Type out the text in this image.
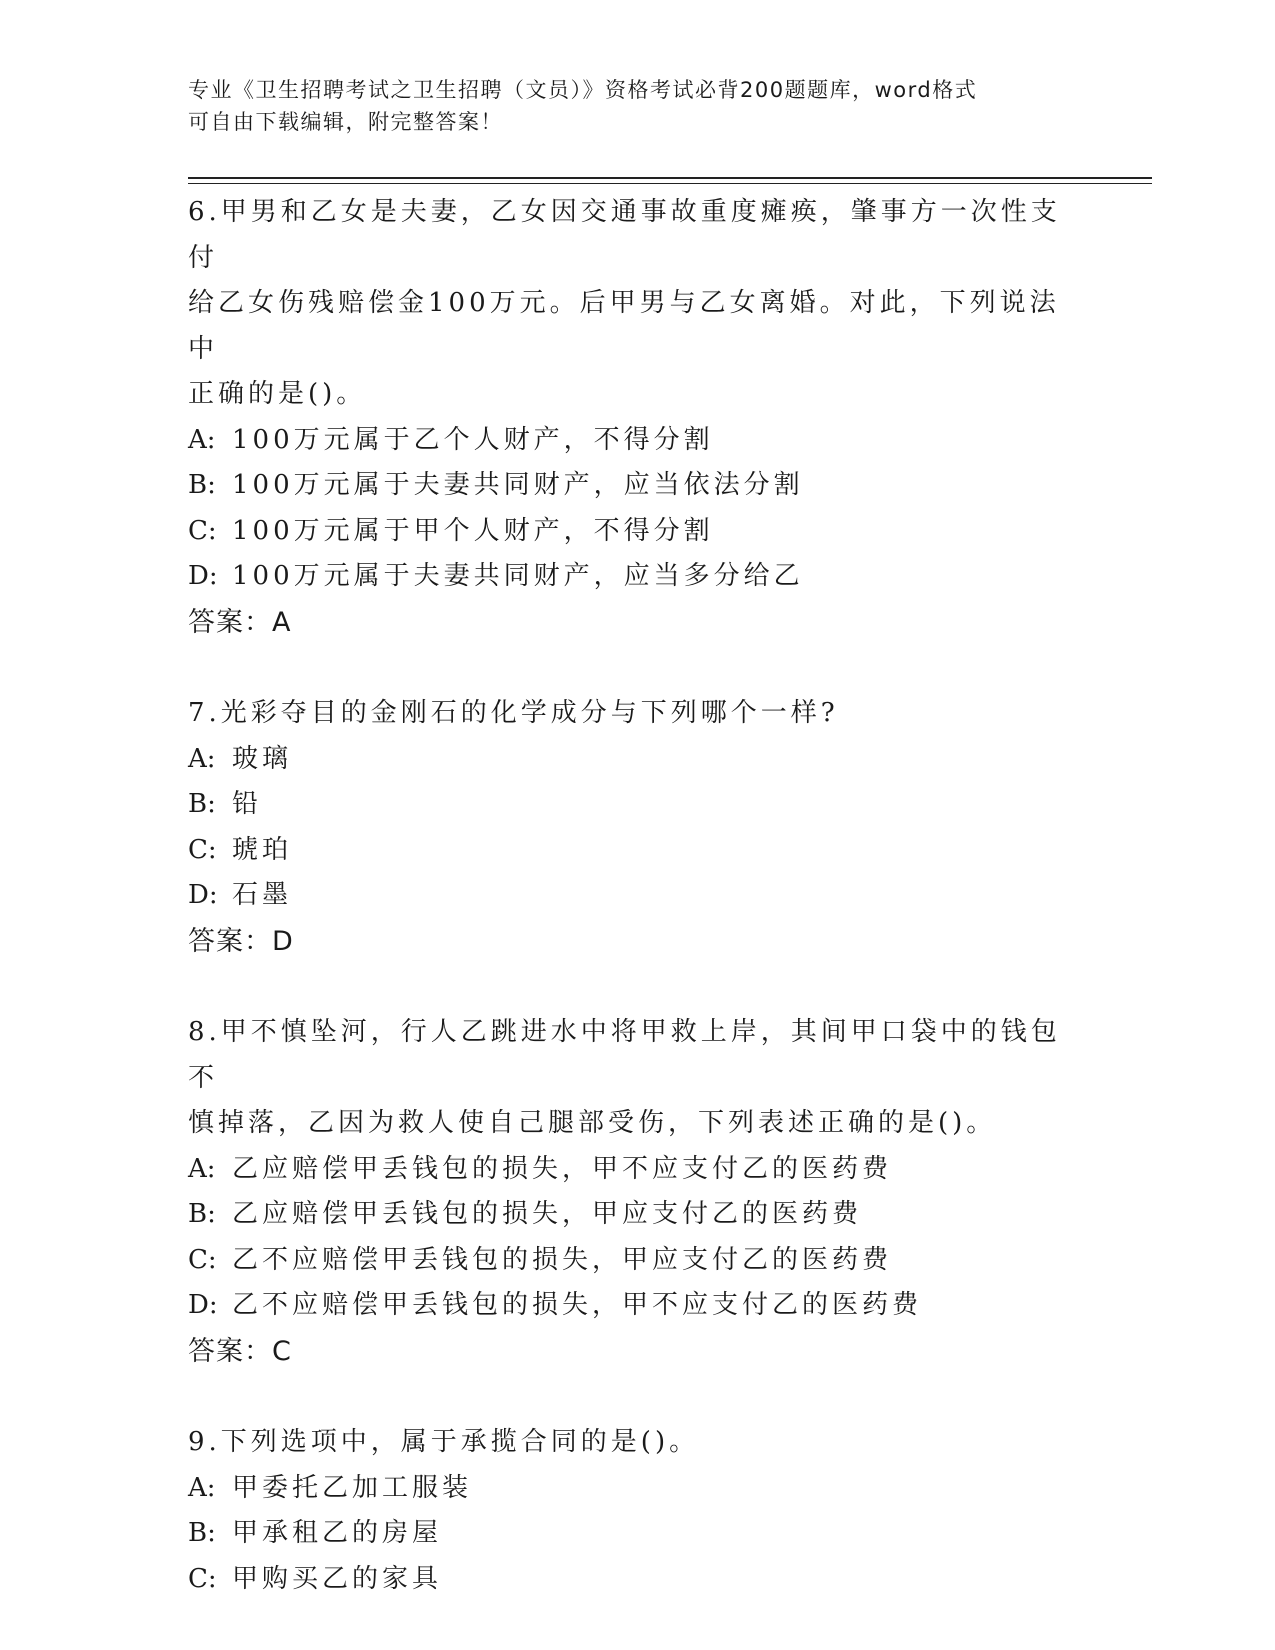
专业《卫生招聘考试之卫生招聘（文员）》资格考试必背200题题库，word格式
可自由下载编辑，附完整答案！
6.甲男和乙女是夫妻，乙女因交通事故重度瘫痪，肇事方一次性支付
给乙女伤残赔偿金100万元。后甲男与乙女离婚。对此，下列说法中
正确的是()。
A: 100万元属于乙个人财产，不得分割
B: 100万元属于夫妻共同财产，应当依法分割
C: 100万元属于甲个人财产，不得分割
D: 100万元属于夫妻共同财产，应当多分给乙
答案：A
7.光彩夺目的金刚石的化学成分与下列哪个一样?
A: 玻璃
B: 铅
C: 琥珀
D: 石墨
答案：D
8.甲不慎坠河，行人乙跳进水中将甲救上岸，其间甲口袋中的钱包不
慎掉落，乙因为救人使自己腿部受伤，下列表述正确的是()。
A: 乙应赔偿甲丢钱包的损失，甲不应支付乙的医药费
B: 乙应赔偿甲丢钱包的损失，甲应支付乙的医药费
C: 乙不应赔偿甲丢钱包的损失，甲应支付乙的医药费
D: 乙不应赔偿甲丢钱包的损失，甲不应支付乙的医药费
答案：C
9.下列选项中，属于承揽合同的是()。
A: 甲委托乙加工服装
B: 甲承租乙的房屋
C: 甲购买乙的家具
